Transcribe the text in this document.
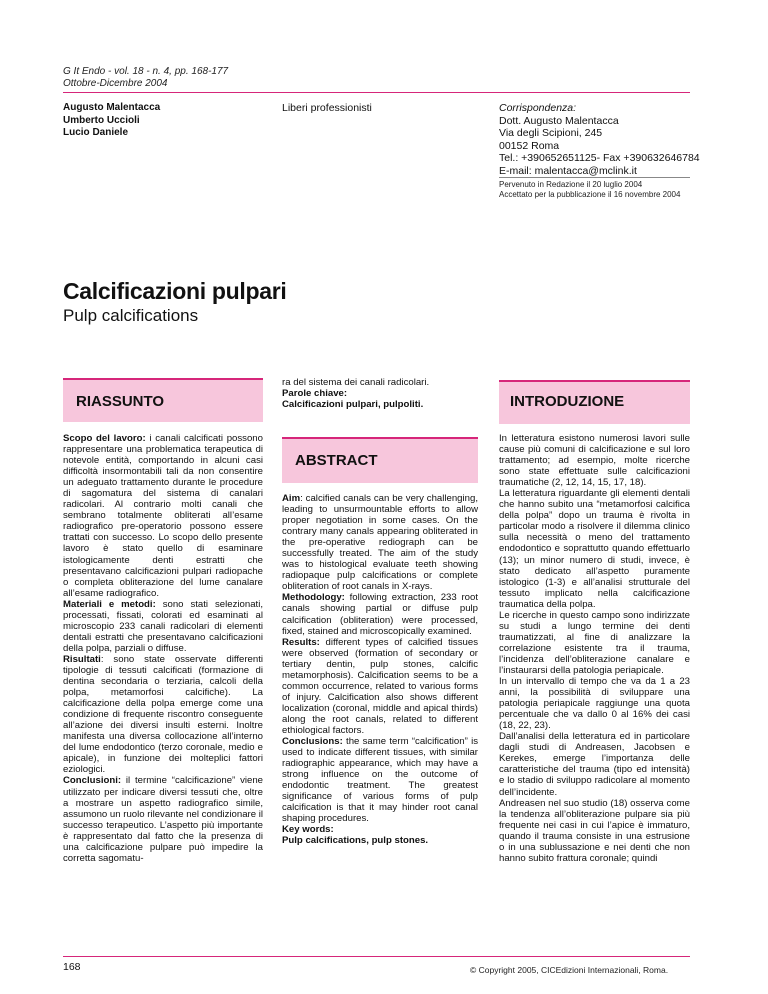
G It Endo - vol. 18 - n. 4, pp. 168-177
Ottobre-Dicembre 2004
Augusto Malentacca
Umberto Uccioli
Lucio Daniele
Liberi professionisti	Corrispondenza:
Dott. Augusto Malentacca
Via degli Scipioni, 245
00152 Roma
Tel.: +390652651125- Fax +390632646784
E-mail: malentacca@mclink.it
Pervenuto in Redazione il 20 luglio 2004
Accettato per la pubblicazione il 16 novembre 2004
Calcificazioni pulpari
Pulp calcifications
RIASSUNTO

Scopo del lavoro: i canali calcificati possono rappresentare una problematica terapeutica di notevole entità, comportando in alcuni casi difficoltà insormontabili tali da non consentire un adeguato trattamento durante le procedure di sagomatura del sistema di canalari radicolari. Al contrario molti canali che sembrano totalmente obliterati all’esame radiografico pre-operatorio possono essere trattati con successo. Lo scopo dello presente lavoro è stato quello di esaminare istologicamente denti estratti che presentavano calcificazioni pulpari radiopache o completa obliterazione del lume canalare all’esame radiografico.

Materiali e metodi: sono stati selezionati, processati, fissati, colorati ed esaminati al microscopio 233 canali radicolari di elementi dentali estratti che presentavano calcificazioni della polpa, parziali o diffuse.

Risultati: sono state osservate differenti tipologie di tessuti calcificati (formazione di dentina secondaria o terziaria, calcoli della polpa, metamorfosi calcifiche). La calcificazione della polpa emerge come una condizione di frequente riscontro conseguente all’azione dei diversi insulti esterni. Inoltre manifesta una diversa collocazione all’interno del lume endodontico (terzo coronale, medio e apicale), in funzione dei molteplici fattori eziologici.

Conclusioni: il termine “calcificazione” viene utilizzato per indicare diversi tessuti che, oltre a mostrare un aspetto radiografico simile, assumono un ruolo rilevante nel condizionare il successo terapeutico. L’aspetto più importante è rappresentato dal fatto che la presenza di una calcificazione pulpare può impedire la corretta sagomatu-

ra del sistema dei canali radicolari.

Parole chiave:

Calcificazioni pulpari, pulpoliti.

ABSTRACT

Aim: calcified canals can be very challenging, leading to unsurmountable efforts to allow proper negotiation in some cases. On the contrary many canals appearing obliterated in the pre-operative rediograph can be successfully treated. The aim of the study was to histological evaluate teeth showing radiopaque pulp calcifications or complete obliteration of root canals in X-rays.

Methodology: following extraction, 233 root canals showing partial or diffuse pulp calcification (obliteration) were processed, fixed, stained and microscopically examined.

Results: different types of calcified tissues were observed (formation of secondary or tertiary dentin, pulp stones, calcific metamorphosis). Calcification seems to be a common occurrence, related to various forms of injury. Calcification also shows different localization (coronal, middle and apical thirds) along the root canals, related to different ethiological factors.

Conclusions: the same term “calcification” is used to indicate different tissues, with similar radiographic appearance, which may have a strong influence on the outcome of endodontic treatment. The greatest significance of various forms of pulp calcification is that it may hinder root canal shaping procedures.

Key words:

Pulp calcifications, pulp stones.

INTRODUZIONE

In letteratura esistono numerosi lavori sulle cause più comuni di calcificazione e sul loro trattamento; ad esempio, molte ricerche sono state effettuate sulle calcificazioni traumatiche (2, 12, 14, 15, 17, 18).

La letteratura riguardante gli elementi dentali che hanno subito una “metamorfosi calcifica della polpa” dopo un trauma è rivolta in particolar modo a risolvere il dilemma clinico sulla necessità o meno del trattamento endodontico e soprattutto quando effettuarlo (13); un minor numero di studi, invece, è stato dedicato all’aspetto puramente istologico (1-3) e all’analisi strutturale del tessuto implicato nella calcificazione traumatica della polpa.

Le ricerche in questo campo sono indirizzate su studi a lungo termine dei denti traumatizzati, al fine di analizzare la correlazione esistente tra il trauma, l’incidenza dell’obliterazione canalare e l’instaurarsi della patologia periapicale.

In un intervallo di tempo che va da 1 a 23 anni, la possibilità di sviluppare una patologia periapicale raggiunge una quota percentuale che va dallo 0 al 16% dei casi (18, 22, 23).

Dall’analisi della letteratura ed in particolare dagli studi di Andreasen, Jacobsen e Kerekes, emerge l’importanza delle caratteristiche del trauma (tipo ed intensità) e lo stadio di sviluppo radicolare al momento dell’incidente.

Andreasen nel suo studio (18) osserva come la tendenza all’obliterazione pulpare sia più frequente nei casi in cui l’apice è immaturo, quando il trauma consiste in una estrusione o in una sublussazione e nei denti che non hanno subito frattura coronale; quindi

168	© Copyright 2005, CICEdizioni Internazionali, Roma.
